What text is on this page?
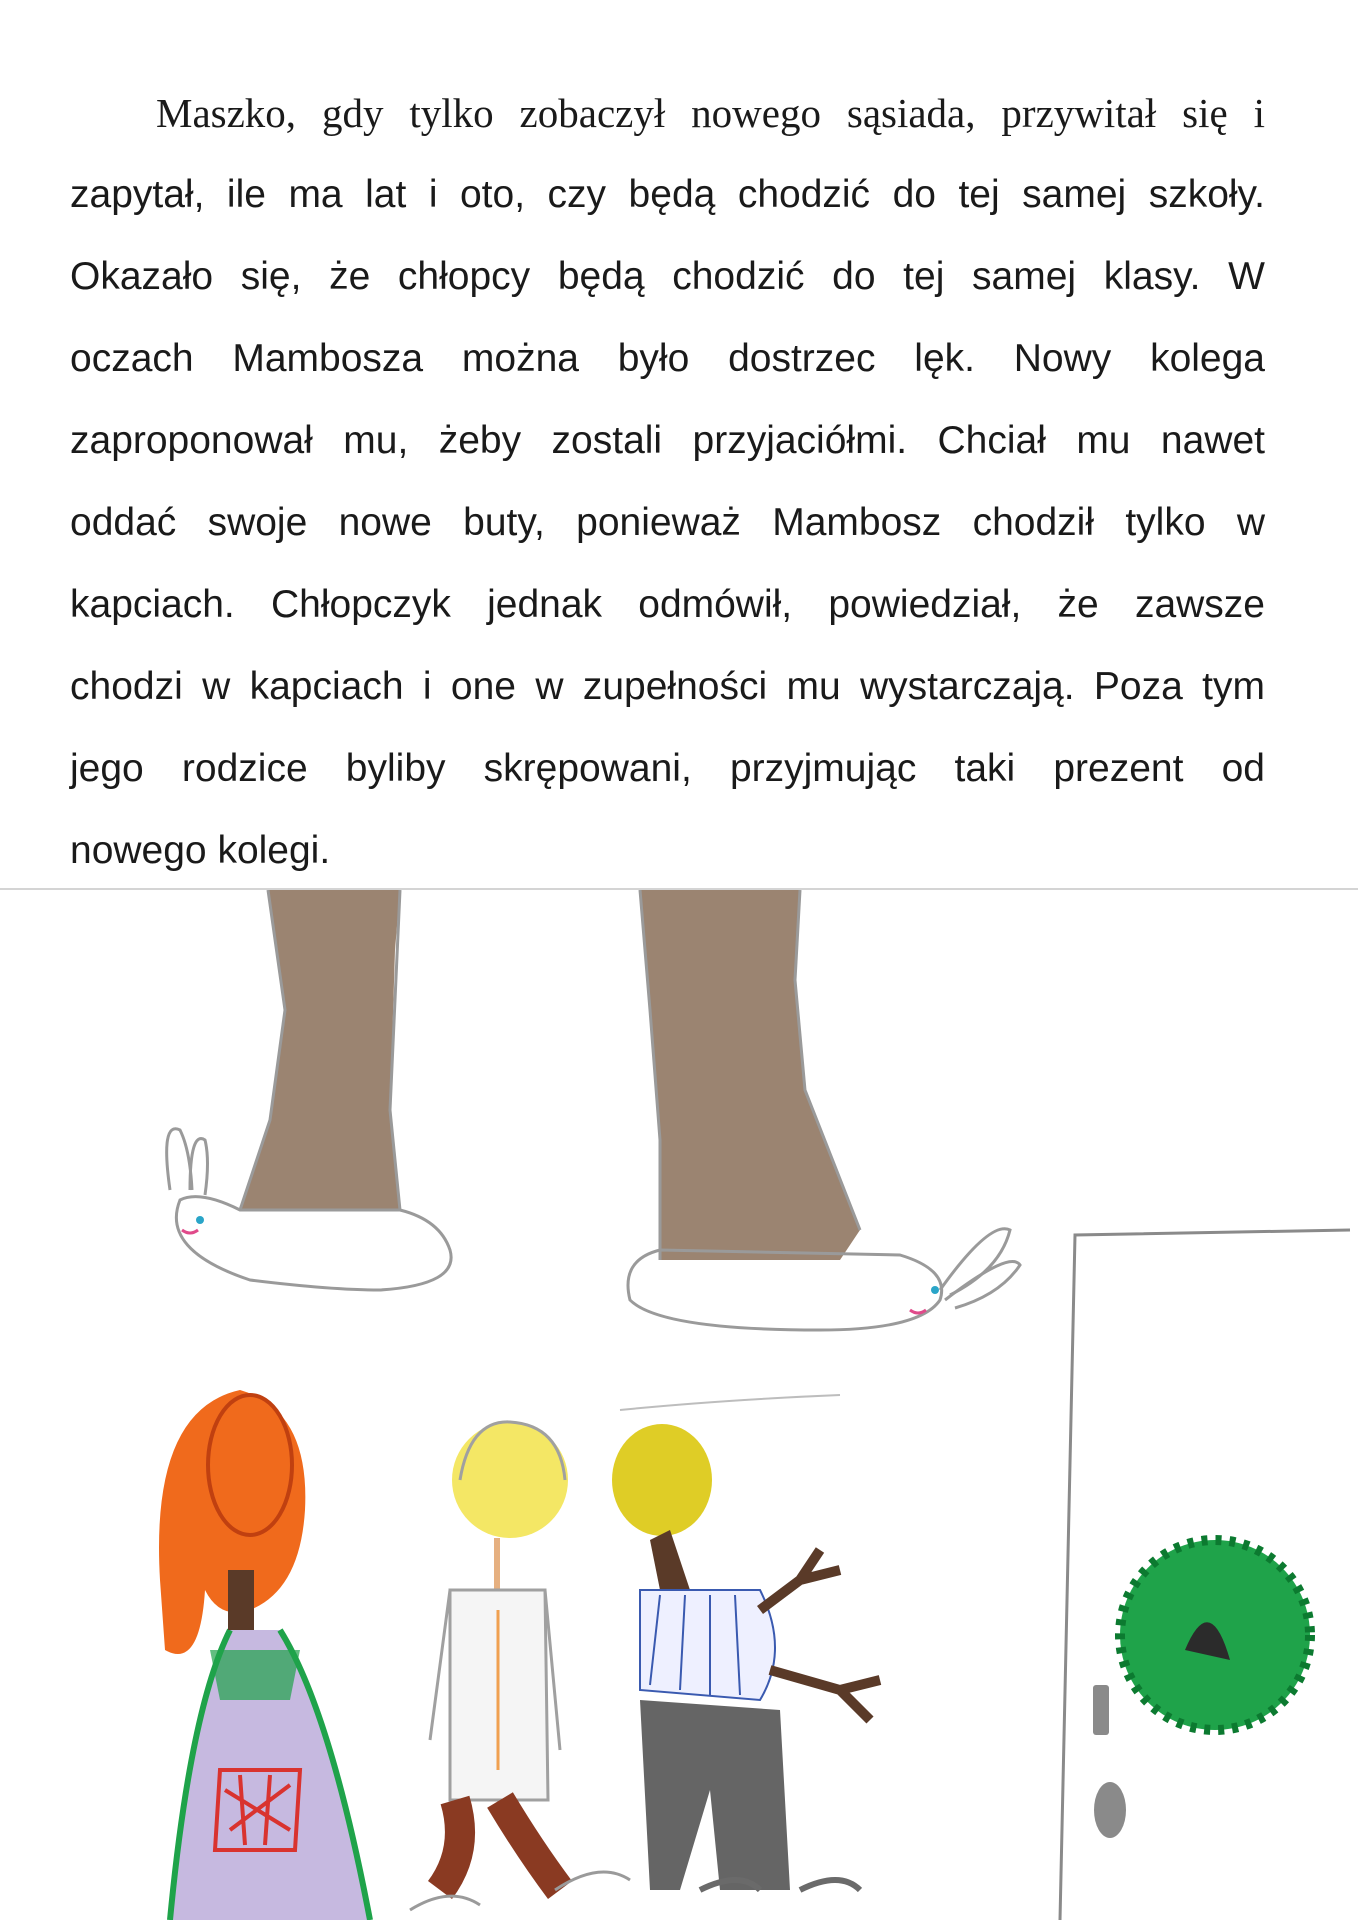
Maszko, gdy tylko zobaczył nowego sąsiada, przywitał się i
zapytał, ile ma lat i oto, czy będą chodzić do tej samej szkoły.
Okazało się, że chłopcy będą chodzić do tej samej klasy. W
oczach Mambosza można było dostrzec lęk. Nowy kolega
zaproponował mu, żeby zostali przyjaciółmi. Chciał mu nawet
oddać swoje nowe buty, ponieważ Mambosz chodził tylko w
kapciach. Chłopczyk jednak odmówił, powiedział, że zawsze
chodzi w kapciach i one w zupełności mu wystarczają. Poza tym
jego rodzice byliby skrępowani, przyjmując taki prezent od
nowego kolegi.
